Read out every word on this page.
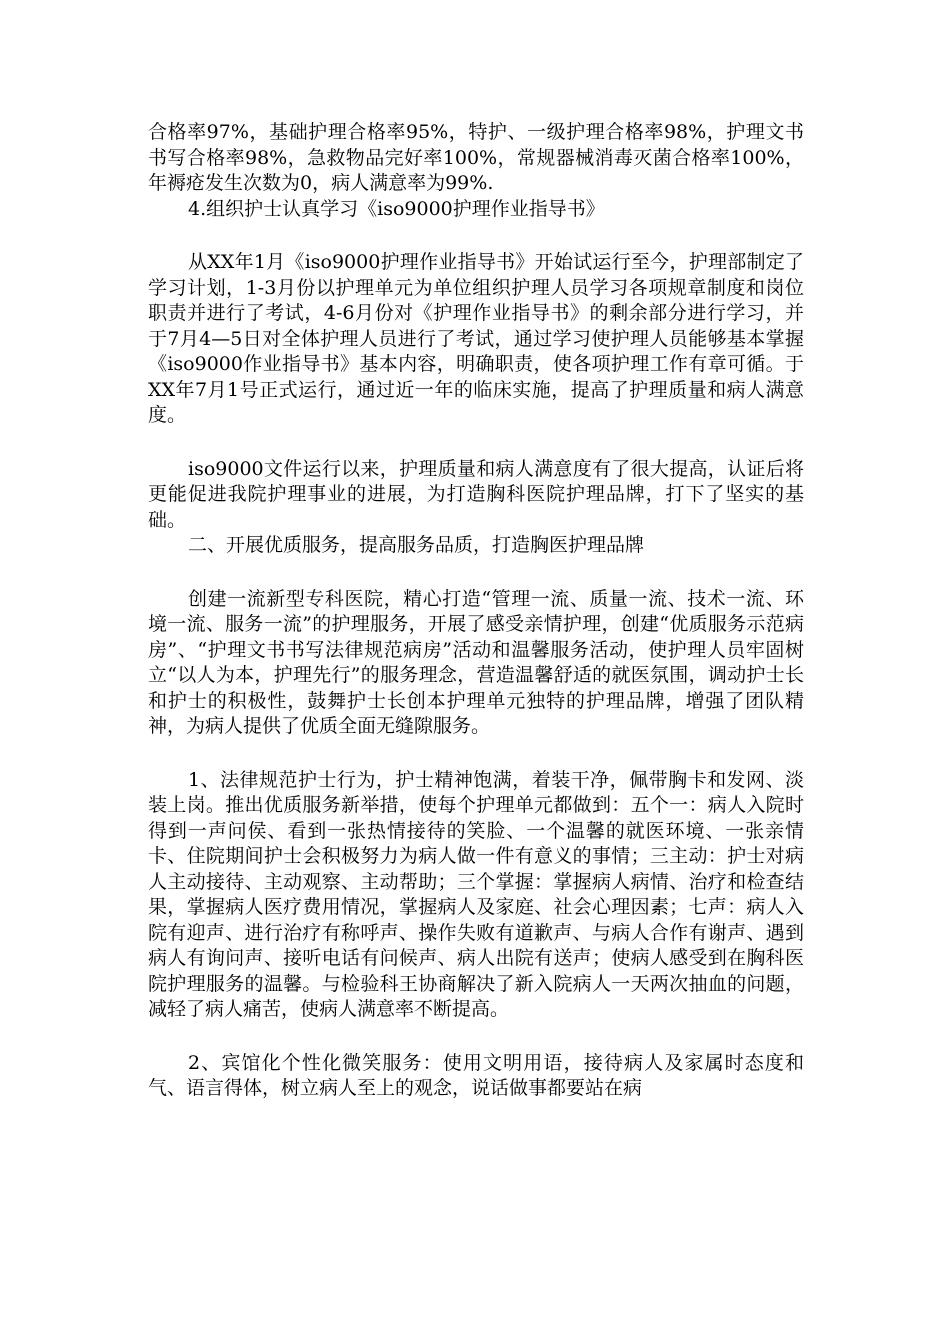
合格率97%，基础护理合格率95%，特护、一级护理合格率98%，护理文书书写合格率98%，急救物品完好率100%，常规器械消毒灭菌合格率100%，年褥疮发生次数为0，病人满意率为99%.

4.组织护士认真学习《iso9000护理作业指导书》

从XX年1月《iso9000护理作业指导书》开始试运行至今，护理部制定了学习计划，1-3月份以护理单元为单位组织护理人员学习各项规章制度和岗位职责并进行了考试，4-6月份对《护理作业指导书》的剩余部分进行学习，并于7月4—5日对全体护理人员进行了考试，通过学习使护理人员能够基本掌握《iso9000作业指导书》基本内容，明确职责，使各项护理工作有章可循。于XX年7月1号正式运行，通过近一年的临床实施，提高了护理质量和病人满意度。

iso9000文件运行以来，护理质量和病人满意度有了很大提高，认证后将更能促进我院护理事业的进展，为打造胸科医院护理品牌，打下了坚实的基础。

二、开展优质服务，提高服务品质，打造胸医护理品牌

创建一流新型专科医院，精心打造“管理一流、质量一流、技术一流、环境一流、服务一流”的护理服务，开展了感受亲情护理，创建“优质服务示范病房”、“护理文书书写法律规范病房”活动和温馨服务活动，使护理人员牢固树立“以人为本，护理先行”的服务理念，营造温馨舒适的就医氛围，调动护士长和护士的积极性，鼓舞护士长创本护理单元独特的护理品牌，增强了团队精神，为病人提供了优质全面无缝隙服务。

1、法律规范护士行为，护士精神饱满，着装干净，佩带胸卡和发网、淡装上岗。推出优质服务新举措，使每个护理单元都做到：五个一：病人入院时得到一声问侯、看到一张热情接待的笑脸、一个温馨的就医环境、一张亲情卡、住院期间护士会积极努力为病人做一件有意义的事情；三主动：护士对病人主动接待、主动观察、主动帮助；三个掌握：掌握病人病情、治疗和检查结果，掌握病人医疗费用情况，掌握病人及家庭、社会心理因素；七声：病人入院有迎声、进行治疗有称呼声、操作失败有道歉声、与病人合作有谢声、遇到病人有询问声、接听电话有问候声、病人出院有送声；使病人感受到在胸科医院护理服务的温馨。与检验科王协商解决了新入院病人一天两次抽血的问题，减轻了病人痛苦，使病人满意率不断提高。

2、宾馆化个性化微笑服务：使用文明用语，接待病人及家属时态度和气、语言得体，树立病人至上的观念，说话做事都要站在病
